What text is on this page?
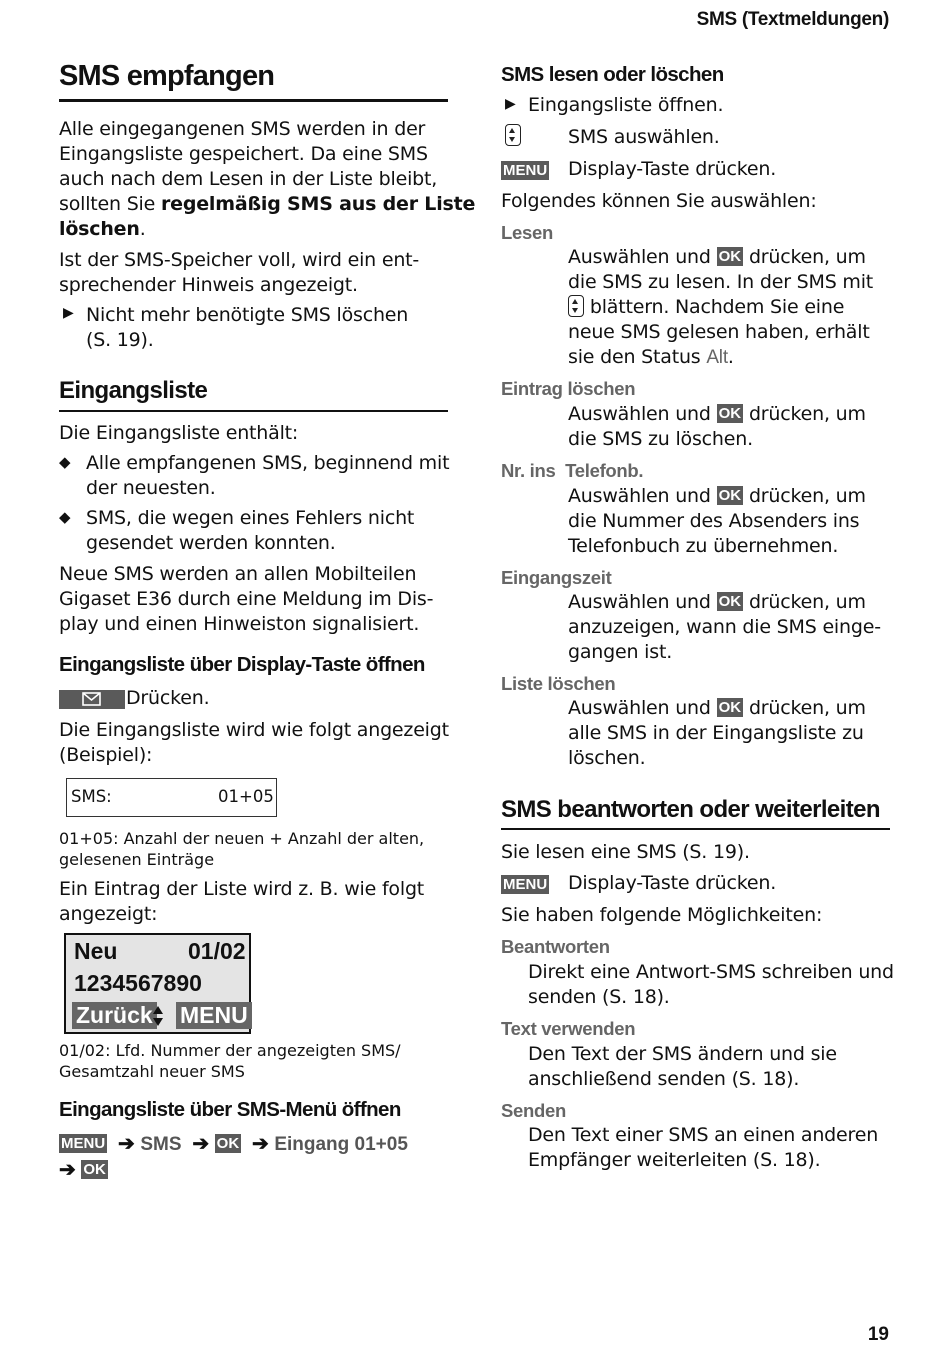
SMS (Textmeldungen)
SMS empfangen
Alle eingegangenen SMS werden in der
Eingangsliste gespeichert. Da eine SMS
auch nach dem Lesen in der Liste bleibt,
sollten Sie regelmäßig SMS aus der Liste
löschen.
Ist der SMS-Speicher voll, wird ein ent-
sprechender Hinweis angezeigt.
▶ Nicht mehr benötigte SMS löschen
(S. 19).
Eingangsliste
Die Eingangsliste enthält:
◆ Alle empfangenen SMS, beginnend mit
der neuesten.
◆ SMS, die wegen eines Fehlers nicht
gesendet werden konnten.
Neue SMS werden an allen Mobilteilen
Gigaset E36 durch eine Meldung im Dis-
play und einen Hinweiston signalisiert.
Eingangsliste über Display-Taste öffnen
Drücken.
Die Eingangsliste wird wie folgt angezeigt
(Beispiel):
SMS:	01+05
01+05: Anzahl der neuen + Anzahl der alten,
gelesenen Einträge
Ein Eintrag der Liste wird z. B. wie folgt
angezeigt:
Neu	01/02
1234567890
Zurück MENU
01/02: Lfd. Nummer der angezeigten SMS/
Gesamtzahl neuer SMS
Eingangsliste über SMS-Menü öffnen
MENU  ➔ SMS  ➔ OK  ➔ Eingang 01+05
➔ OK
SMS lesen oder löschen
▶ Eingangsliste öffnen.
SMS auswählen.
MENU Display-Taste drücken.
Folgendes können Sie auswählen:
Lesen
Auswählen und OK drücken, um
die SMS zu lesen. In der SMS mit
blättern. Nachdem Sie eine
neue SMS gelesen haben, erhält
sie den Status Alt.
Eintrag löschen
Auswählen und OK drücken, um
die SMS zu löschen.
Nr. ins  Telefonb.
Auswählen und OK drücken, um
die Nummer des Absenders ins
Telefonbuch zu übernehmen.
Eingangszeit
Auswählen und OK drücken, um
anzuzeigen, wann die SMS einge-
gangen ist.
Liste löschen
Auswählen und OK drücken, um
alle SMS in der Eingangsliste zu
löschen.
SMS beantworten oder weiterleiten
Sie lesen eine SMS (S. 19).
MENU Display-Taste drücken.
Sie haben folgende Möglichkeiten:
Beantworten
Direkt eine Antwort-SMS schreiben und
senden (S. 18).
Text verwenden
Den Text der SMS ändern und sie
anschließend senden (S. 18).
Senden
Den Text einer SMS an einen anderen
Empfänger weiterleiten (S. 18).
19
